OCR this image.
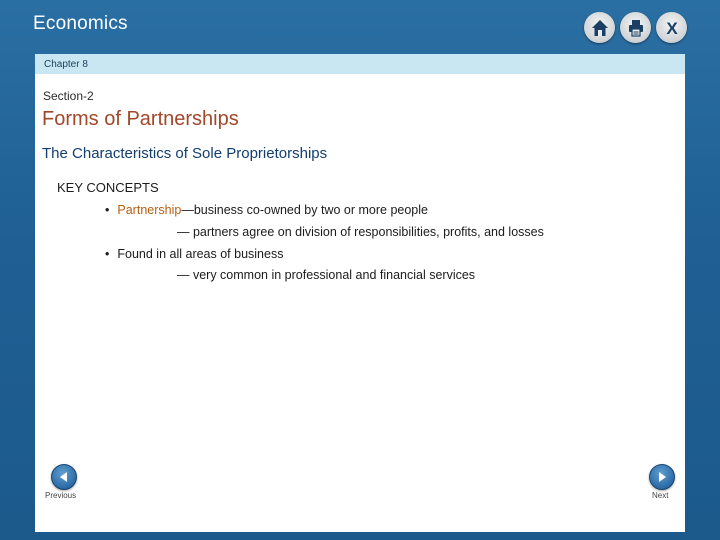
Economics	X
Chapter 8
Section-2
Forms of Partnerships
The Characteristics of Sole Proprietorships
KEY CONCEPTS
• Partnership—business co-owned by two or more people
— partners agree on division of responsibilities, profits, and losses
• Found in all areas of business
— very common in professional and financial services
Previous	Next
Copyright © by Houghton Mifflin Harcourt Publishing Company
